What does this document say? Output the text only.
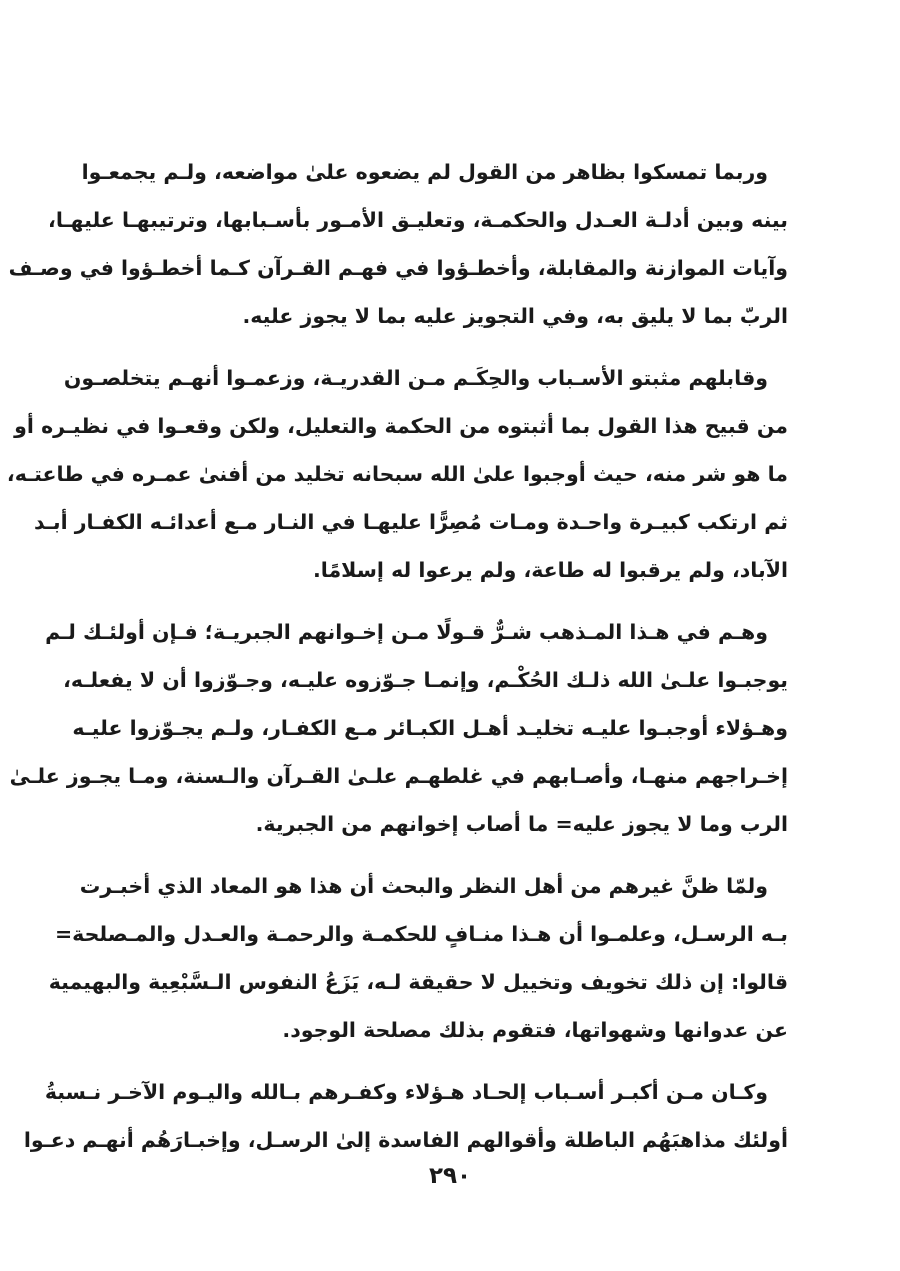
وربما تمسكوا بظاهر من القول لم يضعوه علىٰ مواضعه، ولـم يجمعـوا
بينه وبين أدلـة العـدل والحكمـة، وتعليـق الأمـور بأسـبابها، وترتيبهـا عليهـا،
وآيات الموازنة والمقابلة، وأخطـؤوا في فهـم القـرآن كـما أخطـؤوا في وصـف
الربّ بما لا يليق به، وفي التجويز عليه بما لا يجوز عليه.
وقابلهم مثبتو الأسـباب والحِكَـم مـن القدريـة، وزعمـوا أنهـم يتخلصـون
من قبيح هذا القول بما أثبتوه من الحكمة والتعليل، ولكن وقعـوا في نظيـره أو
ما هو شر منه، حيث أوجبوا علىٰ الله سبحانه تخليد من أفنىٰ عمـره في طاعتـه،
ثم ارتكب كبيـرة واحـدة ومـات مُصِرًّا عليهـا في النـار مـع أعدائـه الكفـار أبـد
الآباد، ولم يرقبوا له طاعة، ولم يرعوا له إسلامًا.
وهـم في هـذا المـذهب شـرٌّ قـولًا مـن إخـوانهم الجبريـة؛ فـإن أولئـك لـم
يوجبـوا علـىٰ الله ذلـك الحُكْـم، وإنمـا جـوّزوه عليـه، وجـوّزوا أن لا يفعلـه،
وهـؤلاء أوجبـوا عليـه تخليـد أهـل الكبـائر مـع الكفـار، ولـم يجـوّزوا عليـه
إخـراجهم منهـا، وأصـابهم في غلطهـم علـىٰ القـرآن والـسنة، ومـا يجـوز علـىٰ
الرب وما لا يجوز عليه= ما أصاب إخوانهم من الجبرية.
ولمّا ظنَّ غيرهم من أهل النظر والبحث أن هذا هو المعاد الذي أخبـرت
بـه الرسـل، وعلمـوا أن هـذا منـافٍ للحكمـة والرحمـة والعـدل والمـصلحة=
قالوا: إن ذلك تخويف وتخييل لا حقيقة لـه، يَزَعُ النفوس الـسَّبْعِية والبهيمية
عن عدوانها وشهواتها، فتقوم بذلك مصلحة الوجود.
وكـان مـن أكبـر أسـباب إلحـاد هـؤلاء وكفـرهم بـالله واليـوم الآخـر نـسبةُ
أولئك مذاهبَهُم الباطلة وأقوالهم الفاسدة إلىٰ الرسـل، وإخبـارَهُم أنهـم دعـوا
٢٩٠
